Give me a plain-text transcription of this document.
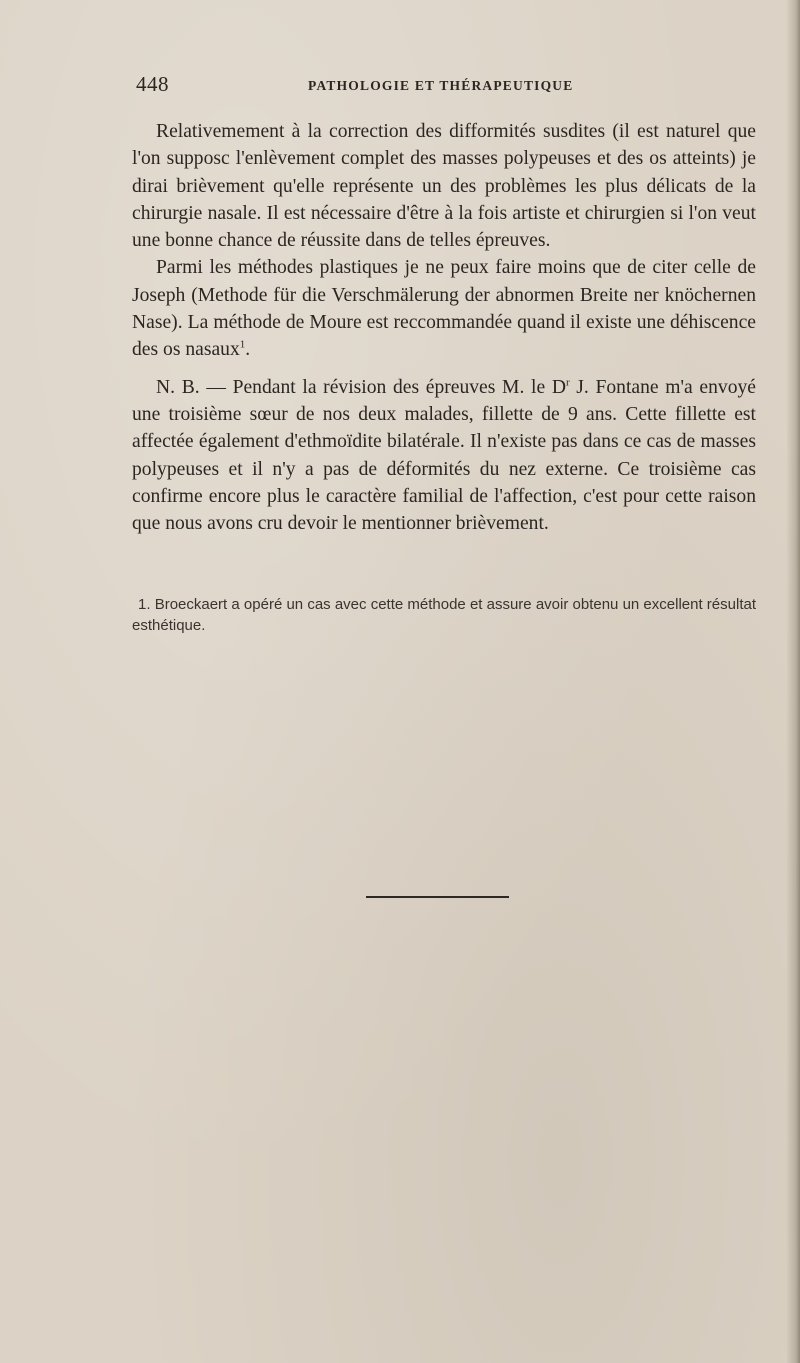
448	PATHOLOGIE ET THÉRAPEUTIQUE

Relativemement à la correction des difformités susdites (il est naturel que l'on supposc l'enlèvement complet des masses polypeuses et des os atteints) je dirai brièvement qu'elle représente un des problèmes les plus délicats de la chirurgie nasale. Il est nécessaire d'être à la fois artiste et chirurgien si l'on veut une bonne chance de réussite dans de telles épreuves.

Parmi les méthodes plastiques je ne peux faire moins que de citer celle de Joseph (Methode für die Verschmälerung der abnormen Breite ner knöchernen Nase). La méthode de Moure est reccommandée quand il existe une déhiscence des os nasaux$^1$.

N. B. — Pendant la révision des épreuves M. le $D^r$ J. Fontane m'a envoyé une troisième sœur de nos deux malades, fillette de 9 ans. Cette fillette est affectée également d'ethmoïdite bilatérale. Il n'existe pas dans ce cas de masses polypeuses et il n'y a pas de déformités du nez externe. Ce troisième cas confirme encore plus le caractère familial de l'affection, c'est pour cette raison que nous avons cru devoir le mentionner brièvement.

1. Broeckaert a opéré un cas avec cette méthode et assure avoir obtenu un excellent résultat esthétique.
